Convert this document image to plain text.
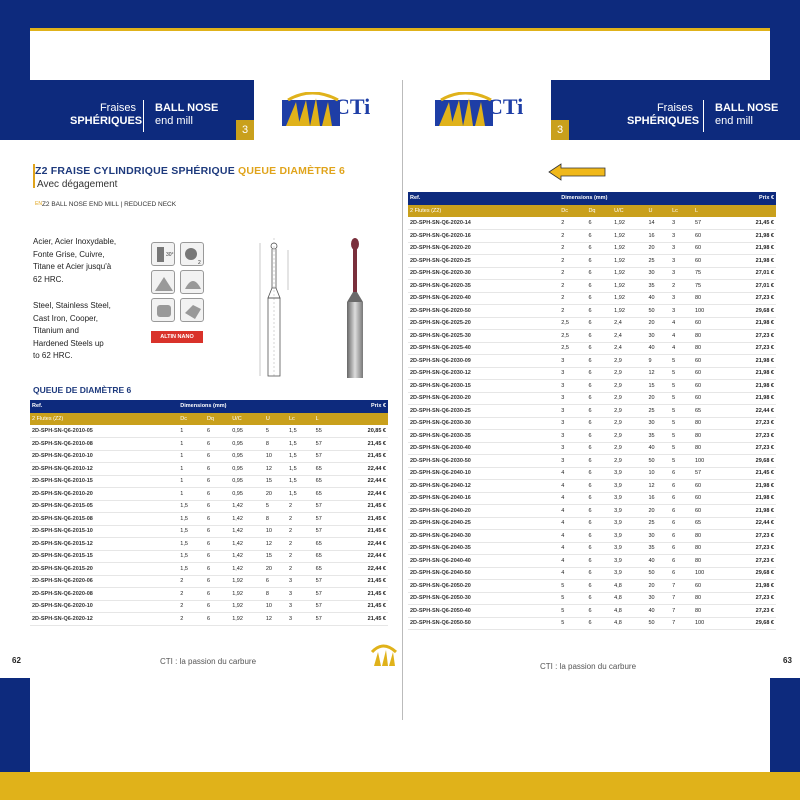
Fraises
SPHÉRIQUES
BALL NOSE
end mill
3
CTi	CTi
3
Fraises
SPHÉRIQUES
BALL NOSE
end mill
Z2 FRAISE CYLINDRIQUE SPHÉRIQUE QUEUE DIAMÈTRE 6
Avec dégagement
$^{EN}$Z2 BALL NOSE END MILL | REDUCED NECK
Acier, Acier Inoxydable,
Fonte Grise, Cuivre,
Titane et Acier jusqu'à
62 HRC.
Steel, Stainless Steel,
Cast Iron, Cooper,
Titanium and
Hardened Steels up
to 62 HRC.
30°
2
ALTIN NANO
QUEUE DE DIAMÈTRE 6
Ref.	Dimensions (mm)						Prix €
2 Flutes (Z2)	Dc	Dq	U/C	U	Lc	L	
2D-SPH-SN-Q6-2010-05	1	6	0,95	5	1,5	55	20,85 €
2D-SPH-SN-Q6-2010-08	1	6	0,95	8	1,5	57	21,45 €
2D-SPH-SN-Q6-2010-10	1	6	0,95	10	1,5	57	21,45 €
2D-SPH-SN-Q6-2010-12	1	6	0,95	12	1,5	65	22,44 €
2D-SPH-SN-Q6-2010-15	1	6	0,95	15	1,5	65	22,44 €
2D-SPH-SN-Q6-2010-20	1	6	0,95	20	1,5	65	22,44 €
2D-SPH-SN-Q6-2015-05	1,5	6	1,42	5	2	57	21,45 €
2D-SPH-SN-Q6-2015-08	1,5	6	1,42	8	2	57	21,45 €
2D-SPH-SN-Q6-2015-10	1,5	6	1,42	10	2	57	21,45 €
2D-SPH-SN-Q6-2015-12	1,5	6	1,42	12	2	65	22,44 €
2D-SPH-SN-Q6-2015-15	1,5	6	1,42	15	2	65	22,44 €
2D-SPH-SN-Q6-2015-20	1,5	6	1,42	20	2	65	22,44 €
2D-SPH-SN-Q6-2020-06	2	6	1,92	6	3	57	21,45 €
2D-SPH-SN-Q6-2020-08	2	6	1,92	8	3	57	21,45 €
2D-SPH-SN-Q6-2020-10	2	6	1,92	10	3	57	21,45 €
2D-SPH-SN-Q6-2020-12	2	6	1,92	12	3	57	21,45 €
62	CTI : la passion du carbure
Ref.	Dimensions (mm)						Prix €
2 Flutes (Z2)	Dc	Dq	U/C	U	Lc	L	
2D-SPH-SN-Q6-2020-14	2	6	1,92	14	3	57	21,45 €
2D-SPH-SN-Q6-2020-16	2	6	1,92	16	3	60	21,98 €
2D-SPH-SN-Q6-2020-20	2	6	1,92	20	3	60	21,98 €
2D-SPH-SN-Q6-2020-25	2	6	1,92	25	3	60	21,98 €
2D-SPH-SN-Q6-2020-30	2	6	1,92	30	3	75	27,01 €
2D-SPH-SN-Q6-2020-35	2	6	1,92	35	2	75	27,01 €
2D-SPH-SN-Q6-2020-40	2	6	1,92	40	3	80	27,23 €
2D-SPH-SN-Q6-2020-50	2	6	1,92	50	3	100	29,68 €
2D-SPH-SN-Q6-2025-20	2,5	6	2,4	20	4	60	21,98 €
2D-SPH-SN-Q6-2025-30	2,5	6	2,4	30	4	80	27,23 €
2D-SPH-SN-Q6-2025-40	2,5	6	2,4	40	4	80	27,23 €
2D-SPH-SN-Q6-2030-09	3	6	2,9	9	5	60	21,98 €
2D-SPH-SN-Q6-2030-12	3	6	2,9	12	5	60	21,98 €
2D-SPH-SN-Q6-2030-15	3	6	2,9	15	5	60	21,98 €
2D-SPH-SN-Q6-2030-20	3	6	2,9	20	5	60	21,98 €
2D-SPH-SN-Q6-2030-25	3	6	2,9	25	5	65	22,44 €
2D-SPH-SN-Q6-2030-30	3	6	2,9	30	5	80	27,23 €
2D-SPH-SN-Q6-2030-35	3	6	2,9	35	5	80	27,23 €
2D-SPH-SN-Q6-2030-40	3	6	2,9	40	5	80	27,23 €
2D-SPH-SN-Q6-2030-50	3	6	2,9	50	5	100	29,68 €
2D-SPH-SN-Q6-2040-10	4	6	3,9	10	6	57	21,45 €
2D-SPH-SN-Q6-2040-12	4	6	3,9	12	6	60	21,98 €
2D-SPH-SN-Q6-2040-16	4	6	3,9	16	6	60	21,98 €
2D-SPH-SN-Q6-2040-20	4	6	3,9	20	6	60	21,98 €
2D-SPH-SN-Q6-2040-25	4	6	3,9	25	6	65	22,44 €
2D-SPH-SN-Q6-2040-30	4	6	3,9	30	6	80	27,23 €
2D-SPH-SN-Q6-2040-35	4	6	3,9	35	6	80	27,23 €
2D-SPH-SN-Q6-2040-40	4	6	3,9	40	6	80	27,23 €
2D-SPH-SN-Q6-2040-50	4	6	3,9	50	6	100	29,68 €
2D-SPH-SN-Q6-2050-20	5	6	4,8	20	7	60	21,98 €
2D-SPH-SN-Q6-2050-30	5	6	4,8	30	7	80	27,23 €
2D-SPH-SN-Q6-2050-40	5	6	4,8	40	7	80	27,23 €
2D-SPH-SN-Q6-2050-50	5	6	4,8	50	7	100	29,68 €
CTI : la passion du carbure
63
